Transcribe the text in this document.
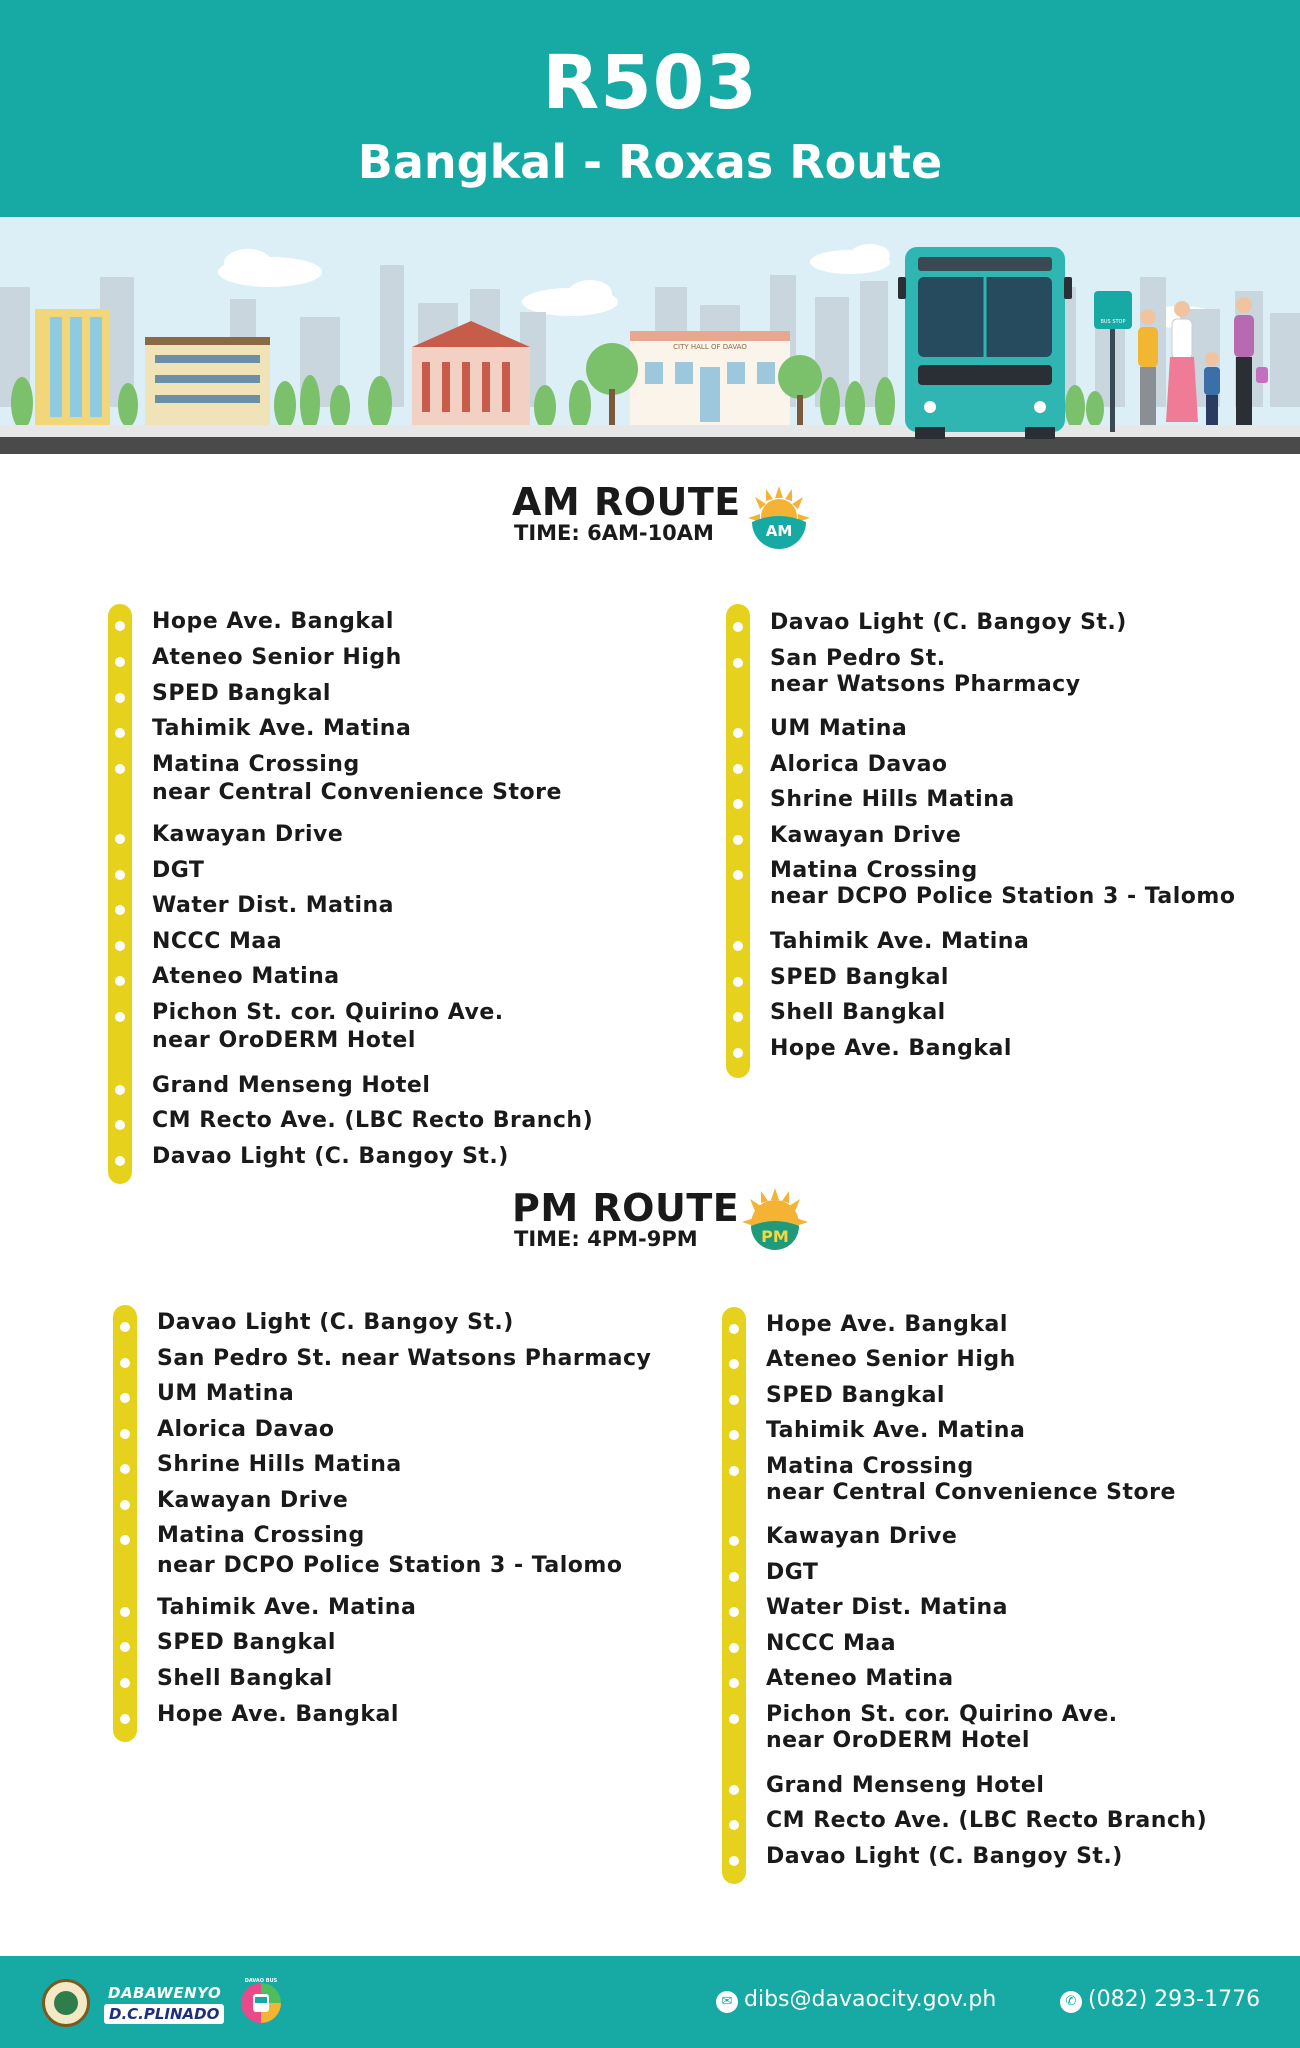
R503
Bangkal - Roxas Route
CITY HALL OF DAVAO
BUS STOP
AM ROUTE
TIME: 6AM-10AM	AM
Hope Ave. Bangkal
Ateneo Senior High
SPED Bangkal
Tahimik Ave. Matina
Matina Crossing
near Central Convenience Store
Kawayan Drive
DGT
Water Dist. Matina
NCCC Maa
Ateneo Matina
Pichon St. cor. Quirino Ave.
near OroDERM Hotel
Grand Menseng Hotel
CM Recto Ave. (LBC Recto Branch)
Davao Light (C. Bangoy St.)
Davao Light (C. Bangoy St.)
San Pedro St.
near Watsons Pharmacy
UM Matina
Alorica Davao
Shrine Hills Matina
Kawayan Drive
Matina Crossing
near DCPO Police Station 3 - Talomo
Tahimik Ave. Matina
SPED Bangkal
Shell Bangkal
Hope Ave. Bangkal
PM ROUTE
TIME: 4PM-9PM	PM
Davao Light (C. Bangoy St.)
San Pedro St. near Watsons Pharmacy
UM Matina
Alorica Davao
Shrine Hills Matina
Kawayan Drive
Matina Crossing
near DCPO Police Station 3 - Talomo
Tahimik Ave. Matina
SPED Bangkal
Shell Bangkal
Hope Ave. Bangkal
Hope Ave. Bangkal
Ateneo Senior High
SPED Bangkal
Tahimik Ave. Matina
Matina Crossing
near Central Convenience Store
Kawayan Drive
DGT
Water Dist. Matina
NCCC Maa
Ateneo Matina
Pichon St. cor. Quirino Ave.
near OroDERM Hotel
Grand Menseng Hotel
CM Recto Ave. (LBC Recto Branch)
Davao Light (C. Bangoy St.)
DABAWENYO
D.C.PLINADO
DAVAO BUS
✉ dibs@davaocity.gov.ph	✆ (082) 293-1776
